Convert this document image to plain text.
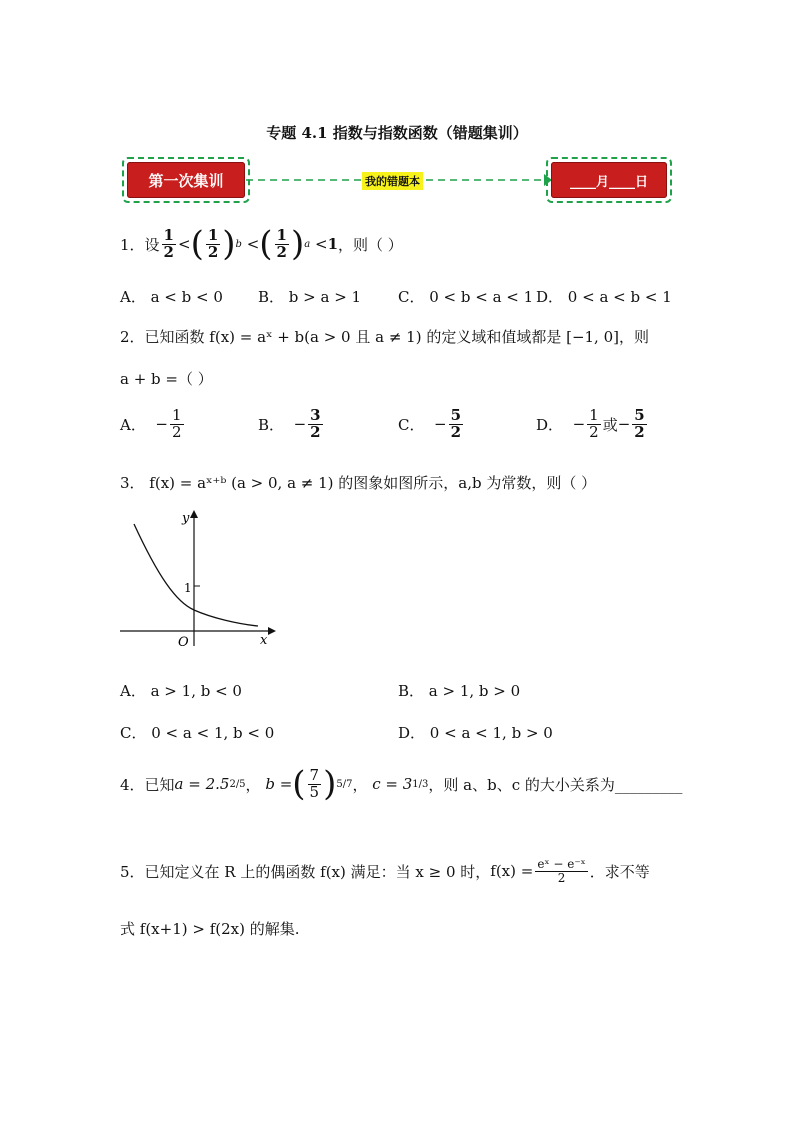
专题 4.1 指数与指数函数（错题集训）
第一次集训	我的错题本	____月____日
1．设 $\frac{1}{2}$ < ( $\frac{1}{2}$ ) b < ( $\frac{1}{2}$ ) a <1 ，则（ ）
A． a < b < 0 B． b > a > 1 C． 0 < b < a < 1 D． 0 < a < b < 1
2．已知函数 f(x) = aˣ + b(a > 0 且 a ≠ 1) 的定义域和值域都是 [−1, 0]，则
a + b =（ ）
A． − $\frac{1}{2}$	B． − $\frac{3}{2}$	C． − $\frac{5}{2}$	D． − $\frac{1}{2}$ 或 − $\frac{5}{2}$
3． f(x) = aˣ⁺ᵇ (a > 0, a ≠ 1) 的图象如图所示，a,b 为常数，则（ ）
y
x
O
1
A． a > 1, b < 0	B． a > 1, b > 0
C． 0 < a < 1, b < 0	D． 0 < a < 1, b > 0
4．已知 a = 2.5 2/5 ， b = ( $\frac{7}{5}$ ) 5/7 ， c = 3 1/3 ，则 a、b、c 的大小关系为_________
5．已知定义在 R 上的偶函数 f(x) 满足：当 x ≥ 0 时， $f(x) = \frac{\text{eˣ − e⁻ˣ}}{2}$ ．求不等
式 f(x+1) > f(2x) 的解集.
